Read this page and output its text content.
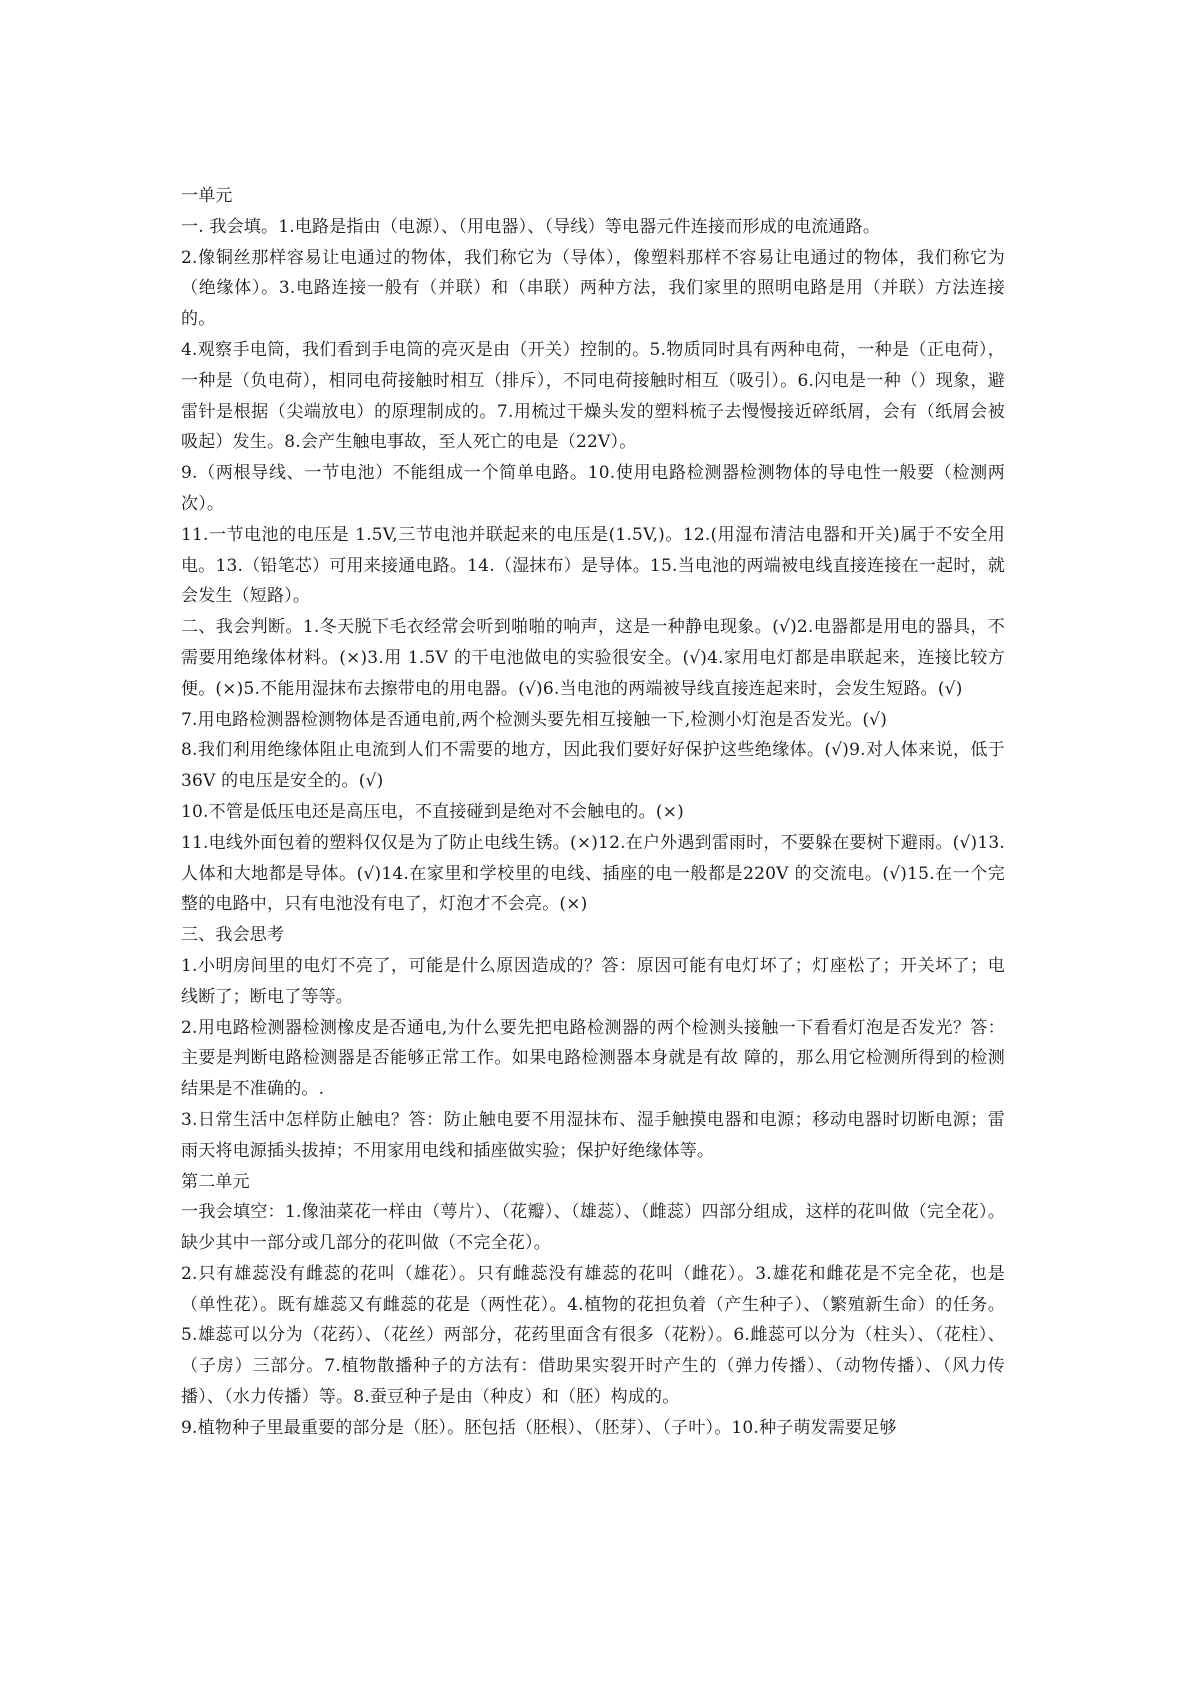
一单元

一. 我会填。1.电路是指由（电源）、（用电器）、（导线）等电器元件连接而形成的电流通路。

2.像铜丝那样容易让电通过的物体，我们称它为（导体），像塑料那样不容易让电通过的物体，我们称它为（绝缘体）。3.电路连接一般有（并联）和（串联）两种方法，我们家里的照明电路是用（并联）方法连接的。

4.观察手电筒，我们看到手电筒的亮灭是由（开关）控制的。5.物质同时具有两种电荷，一种是（正电荷），一种是（负电荷），相同电荷接触时相互（排斥），不同电荷接触时相互（吸引）。6.闪电是一种（）现象，避雷针是根据（尖端放电）的原理制成的。7.用梳过干燥头发的塑料梳子去慢慢接近碎纸屑，会有（纸屑会被吸起）发生。8.会产生触电事故，至人死亡的电是（22V）。

9.（两根导线、一节电池）不能组成一个简单电路。10.使用电路检测器检测物体的导电性一般要（检测两次）。

11.一节电池的电压是 1.5V,三节电池并联起来的电压是(1.5V,)。12.(用湿布清洁电器和开关)属于不安全用电。13.（铅笔芯）可用来接通电路。14.（湿抹布）是导体。15.当电池的两端被电线直接连接在一起时，就会发生（短路）。

二、我会判断。1.冬天脱下毛衣经常会听到啪啪的响声，这是一种静电现象。(√)2.电器都是用电的器具，不需要用绝缘体材料。(×)3.用 1.5V 的干电池做电的实验很安全。(√)4.家用电灯都是串联起来，连接比较方便。(×)5.不能用湿抹布去擦带电的用电器。(√)6.当电池的两端被导线直接连起来时，会发生短路。(√)

7.用电路检测器检测物体是否通电前,两个检测头要先相互接触一下,检测小灯泡是否发光。(√)

8.我们利用绝缘体阻止电流到人们不需要的地方，因此我们要好好保护这些绝缘体。(√)9.对人体来说，低于 36V 的电压是安全的。(√)

10.不管是低压电还是高压电，不直接碰到是绝对不会触电的。(×)

11.电线外面包着的塑料仅仅是为了防止电线生锈。(×)12.在户外遇到雷雨时，不要躲在要树下避雨。(√)13.人体和大地都是导体。(√)14.在家里和学校里的电线、插座的电一般都是220V 的交流电。(√)15.在一个完整的电路中，只有电池没有电了，灯泡才不会亮。(×)

三、我会思考

1.小明房间里的电灯不亮了，可能是什么原因造成的？答：原因可能有电灯坏了；灯座松了；开关坏了；电线断了；断电了等等。

2.用电路检测器检测橡皮是否通电,为什么要先把电路检测器的两个检测头接触一下看看灯泡是否发光？答：主要是判断电路检测器是否能够正常工作。如果电路检测器本身就是有故 障的，那么用它检测所得到的检测结果是不准确的。.

3.日常生活中怎样防止触电？答：防止触电要不用湿抹布、湿手触摸电器和电源；移动电器时切断电源；雷雨天将电源插头拔掉；不用家用电线和插座做实验；保护好绝缘体等。

第二单元

一我会填空：1.像油菜花一样由（萼片）、（花瓣）、（雄蕊）、（雌蕊）四部分组成，这样的花叫做（完全花）。缺少其中一部分或几部分的花叫做（不完全花）。

2.只有雄蕊没有雌蕊的花叫（雄花）。只有雌蕊没有雄蕊的花叫（雌花）。3.雄花和雌花是不完全花，也是（单性花）。既有雄蕊又有雌蕊的花是（两性花）。4.植物的花担负着（产生种子）、（繁殖新生命）的任务。5.雄蕊可以分为（花药）、（花丝）两部分，花药里面含有很多（花粉）。6.雌蕊可以分为（柱头）、（花柱）、（子房）三部分。7.植物散播种子的方法有：借助果实裂开时产生的（弹力传播）、（动物传播）、（风力传播）、（水力传播）等。8.蚕豆种子是由（种皮）和（胚）构成的。

9.植物种子里最重要的部分是（胚）。胚包括（胚根）、（胚芽）、（子叶）。10.种子萌发需要足够
